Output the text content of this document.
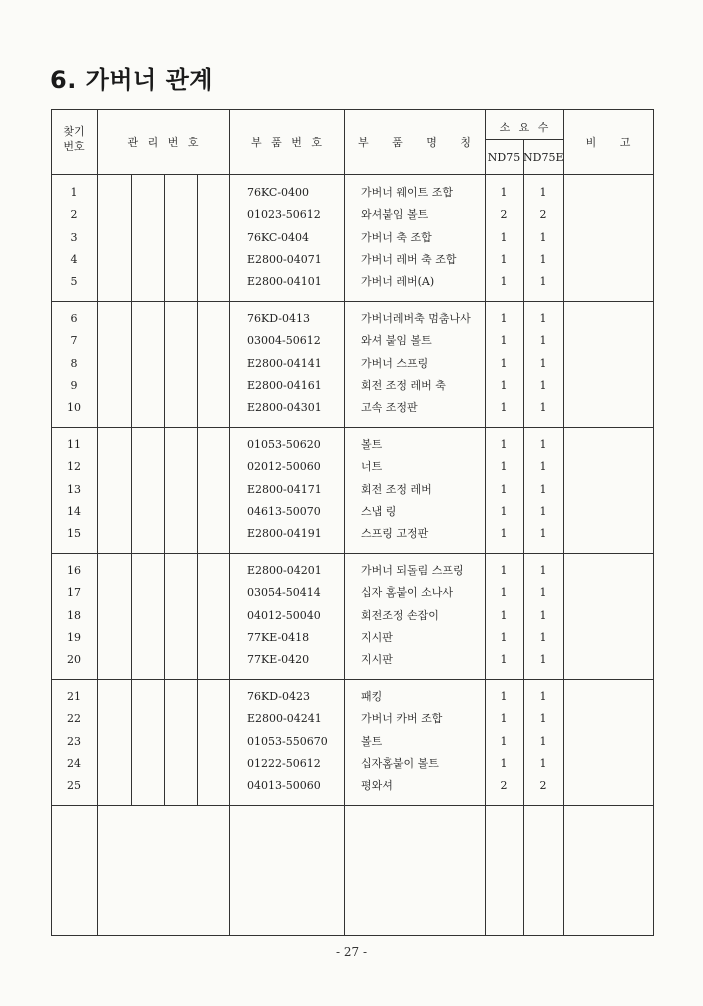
6. 가버너 관계
찾기
번호	관 리 번 호	부 품 번 호	부 품 명 칭
소 요 수
ND75 ND75E
비 고
1	76KC-0400	가버너 웨이트 조합	1	1
2	01023-50612	와셔붙임 볼트	2	2
3	76KC-0404	가버너 축 조합	1	1
4	E2800-04071	가버너 레버 축 조합	1	1
5	E2800-04101	가버너 레버(A)	1	1
6	76KD-0413	가버너레버축 멈춤나사	1	1
7	03004-50612	와셔 붙임 볼트	1	1
8	E2800-04141	가버너 스프링	1	1
9	E2800-04161	회전 조정 레버 축	1	1
10	E2800-04301	고속 조정판	1	1
11	01053-50620	볼트	1	1
12	02012-50060	너트	1	1
13	E2800-04171	회전 조정 레버	1	1
14	04613-50070	스냅 링	1	1
15	E2800-04191	스프링 고정판	1	1
16	E2800-04201	가버너 되돌림 스프링	1	1
17	03054-50414	십자 홈붙이 소나사	1	1
18	04012-50040	회전조정 손잡이	1	1
19	77KE-0418	지시판	1	1
20	77KE-0420	지시판	1	1
21	76KD-0423	패킹	1	1
22	E2800-04241	가버너 카버 조합	1	1
23	01053-550670	볼트	1	1
24	01222-50612	십자홈붙이 볼트	1	1
25	04013-50060	평와셔	2	2
- 27 -
